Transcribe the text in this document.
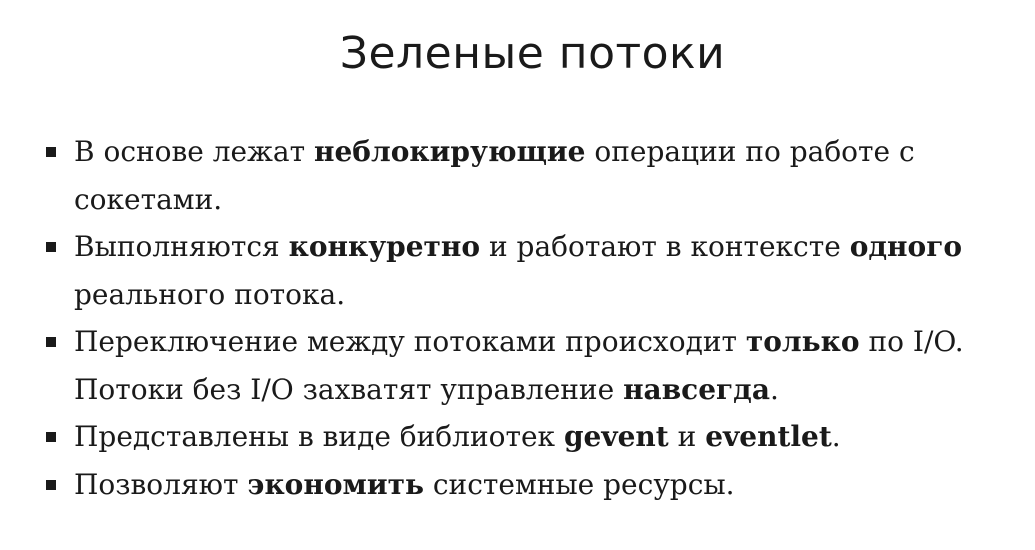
Зеленые потоки
В основе лежат неблокирующие операции по работе с сокетами.
Выполняются конкуретно и работают в контексте одного реального потока.
Переключение между потоками происходит только по I/O. Потоки без I/O захватят управление навсегда.
Представлены в виде библиотек gevent и eventlet.
Позволяют экономить системные ресурсы.
